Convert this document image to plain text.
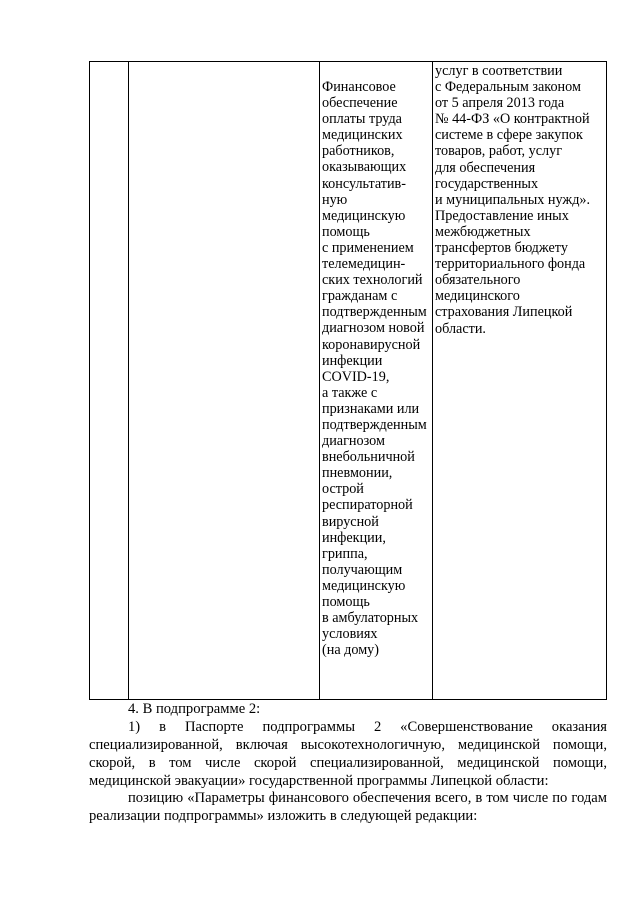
Финансовое
обеспечение
оплаты труда
медицинских
работников,
оказывающих
консультатив-
ную
медицинскую
помощь
с применением
телемедицин-
ских технологий
гражданам с
подтвержденным
диагнозом новой
коронавирусной
инфекции
COVID-19,
а также с
признаками или
подтвержденным
диагнозом
внебольничной
пневмонии,
острой
респираторной
вирусной
инфекции,
гриппа,
получающим
медицинскую
помощь
в амбулаторных
условиях
(на дому)
услуг в соответствии
с Федеральным законом
от 5 апреля 2013 года
№ 44-ФЗ «О контрактной
системе в сфере закупок
товаров, работ, услуг
для обеспечения
государственных
и муниципальных нужд».
Предоставление иных
межбюджетных
трансфертов бюджету
территориального фонда
обязательного
медицинского
страхования Липецкой
области.
4. В подпрограмме 2:
1) в Паспорте подпрограммы 2 «Совершенствование оказания специализированной, включая высокотехнологичную, медицинской помощи, скорой, в том числе скорой специализированной, медицинской помощи, медицинской эвакуации» государственной программы Липецкой области:
позицию «Параметры финансового обеспечения всего, в том числе по годам реализации подпрограммы» изложить в следующей редакции:
